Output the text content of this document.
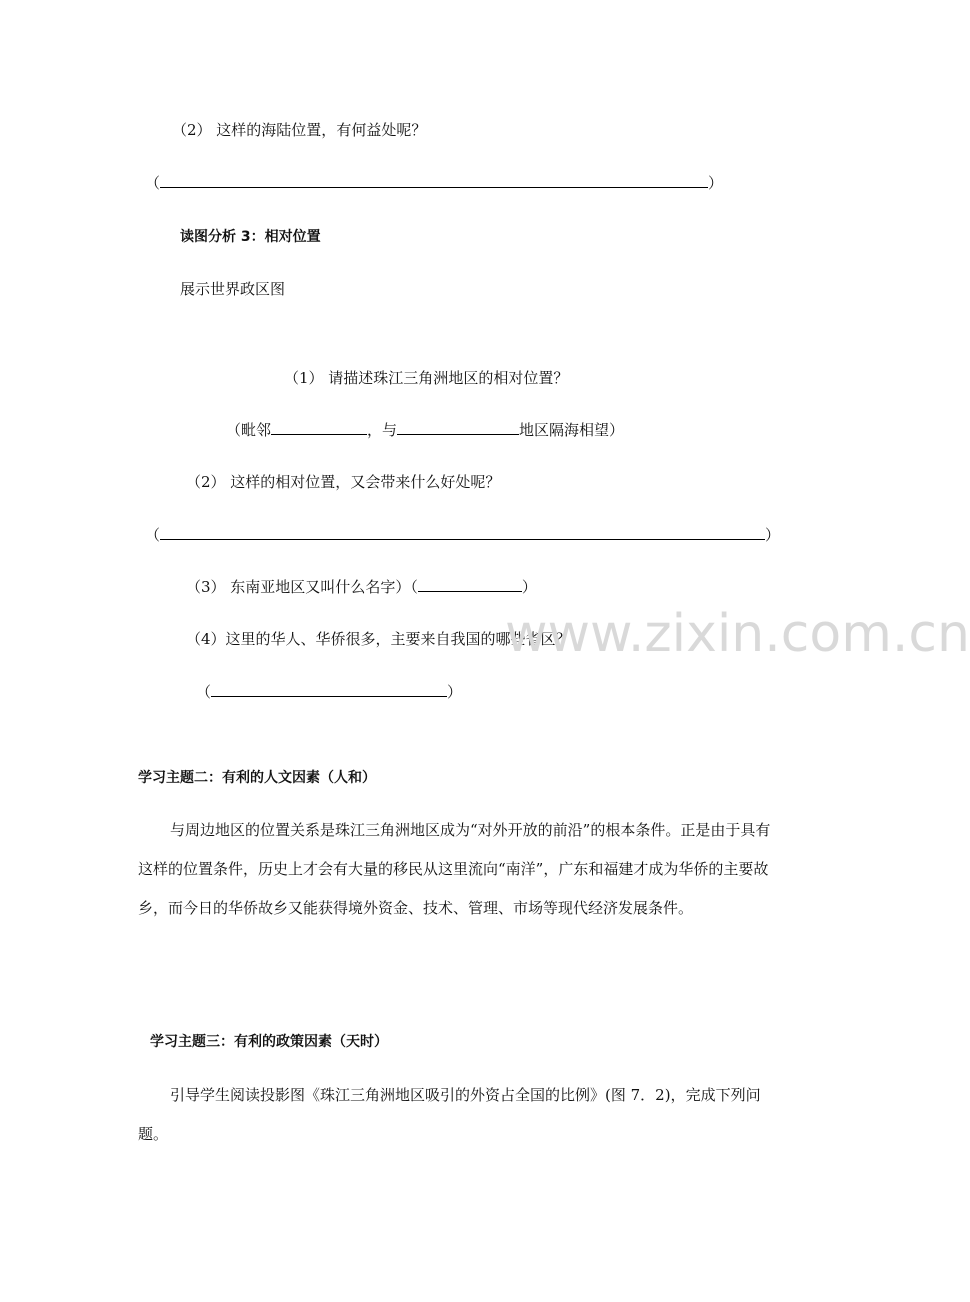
（2） 这样的海陆位置，有何益处呢？
（	）
读图分析 3：相对位置
展示世界政区图
（1） 请描述珠江三角洲地区的相对位置？
（毗邻	，与	地区隔海相望）
（2） 这样的相对位置，又会带来什么好处呢？
（	）
（3） 东南亚地区又叫什么名字）（	）
（4）这里的华人、华侨很多，主要来自我国的哪些省区？
（	）
学习主题二：有利的人文因素（人和）
与周边地区的位置关系是珠江三角洲地区成为“对外开放的前沿”的根本条件。正是由于具有这样的位置条件，历史上才会有大量的移民从这里流向“南洋”，广东和福建才成为华侨的主要故乡，而今日的华侨故乡又能获得境外资金、技术、管理、市场等现代经济发展条件。
学习主题三：有利的政策因素（天时）
引导学生阅读投影图《珠江三角洲地区吸引的外资占全国的比例》(图 7．2)，完成下列问题。
www.zixin.com.cn
